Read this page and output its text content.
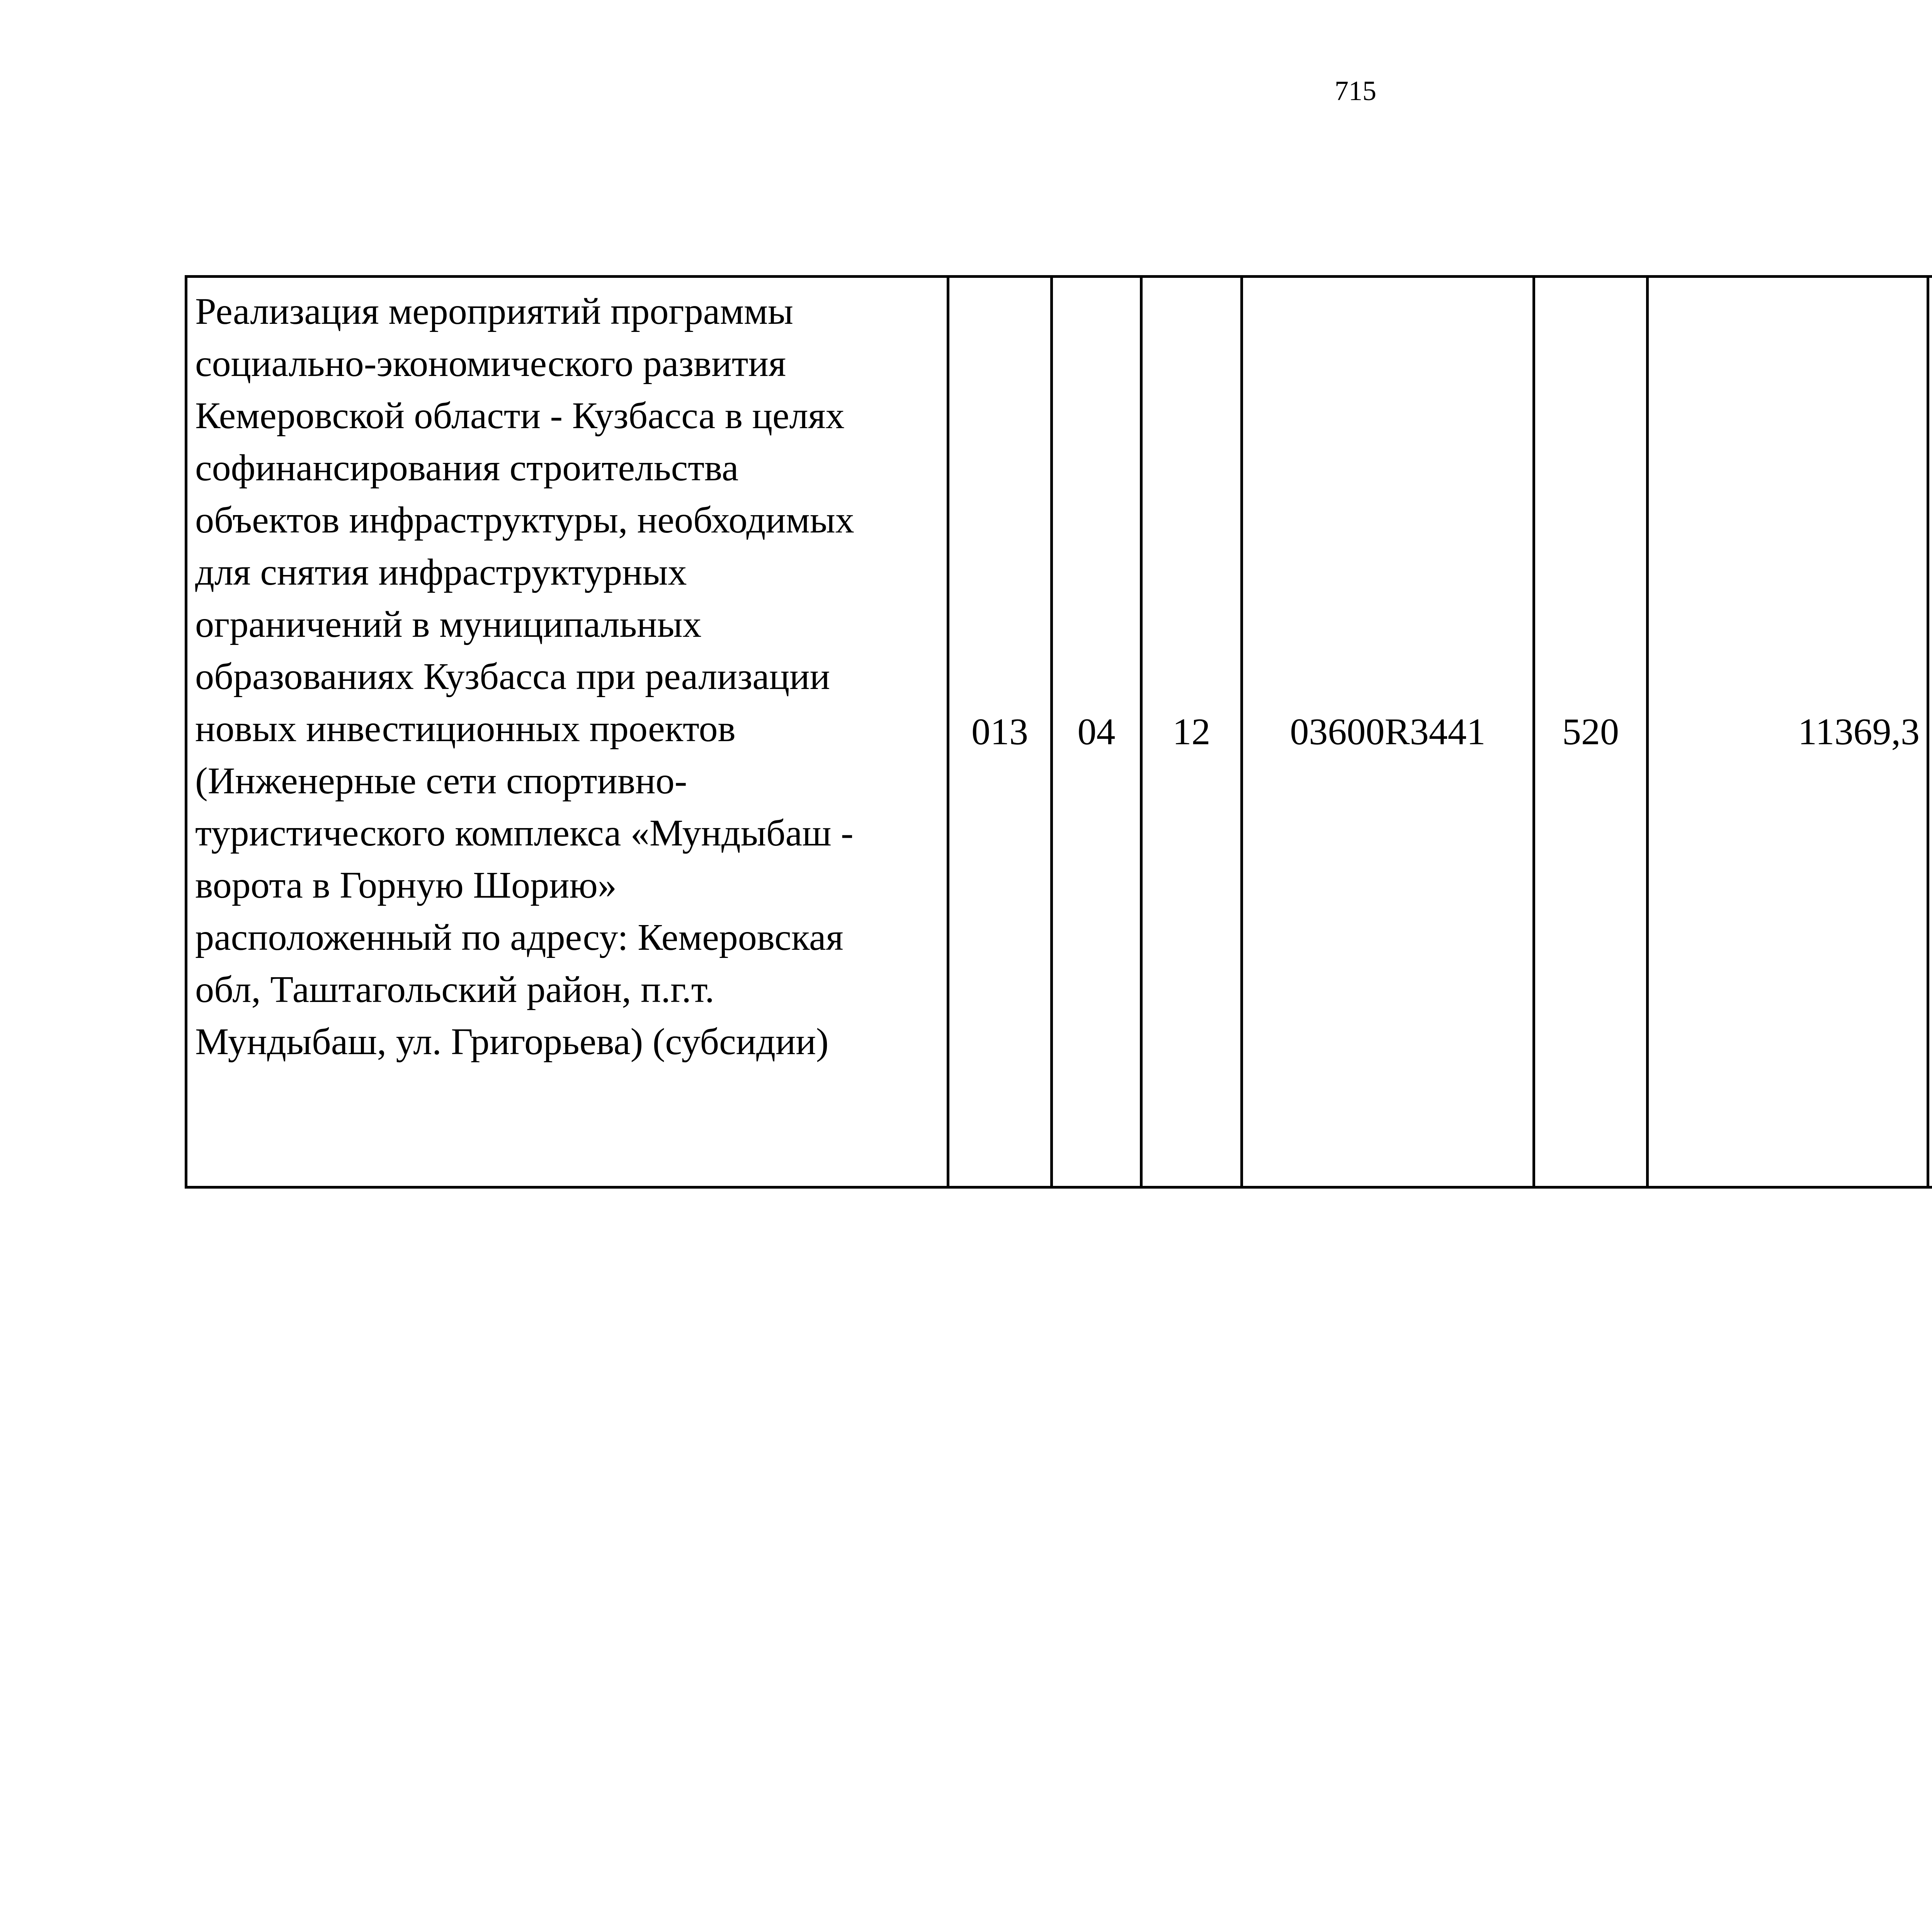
715
Реализация мероприятий программы
социально-экономического развития
Кемеровской области - Кузбасса в целях
софинансирования строительства
объектов инфраструктуры, необходимых
для снятия инфраструктурных
ограничений в муниципальных
образованиях Кузбасса при реализации
новых инвестиционных проектов
(Инженерные сети спортивно-
туристического комплекса «Мундыбаш -
ворота в Горную Шорию»
расположенный по адресу: Кемеровская
обл, Таштагольский район, п.г.т.
Мундыбаш, ул. Григорьева) (субсидии)
	013	04	12	03600R3441	520	11369,3		
